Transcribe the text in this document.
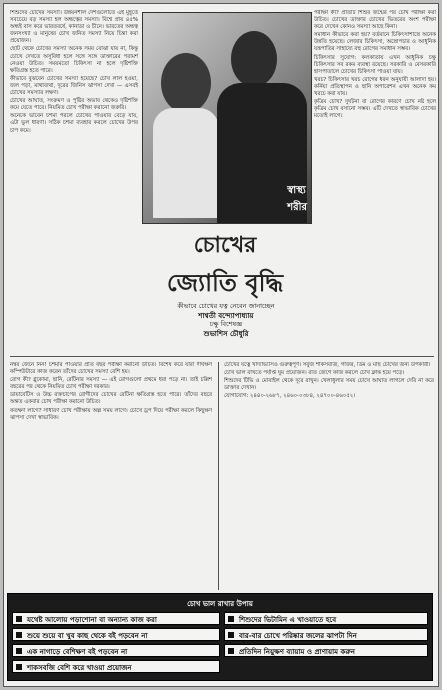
শিশুদের চোখের সমস্যা। উন্নয়নশীল দেশগুলোতে এই মুহূর্তে সবচেয়ে বড় সমস্যা হল অন্ধত্বের সমস্যা। বিশ্বে প্রায় ৪৫% অন্ধই বাস করে ভারতবর্ষে, কানাডা ও চীনে। ভারতের অন্ধত্ব জনসংখ্যা ও মানুষের চোখ জনিত সমস্যা নিয়ে চিন্তা করা প্রয়োজন।

ছোট থেকে চোখের সমস্যা অনেক সময় বোঝা যায় না, কিন্তু চোখে দেখতে অসুবিধা হলে সঙ্গে সঙ্গে ডাক্তারের পরামর্শ নেওয়া উচিত। সময়মতো চিকিৎসা না হলে দৃষ্টিশক্তি ক্ষতিগ্রস্ত হতে পারে।

কীভাবে বুঝবেন চোখের সমস্যা হয়েছে? চোখ লাল হওয়া, জল পড়া, মাথাব্যথা, দূরের জিনিস ঝাপসা দেখা — এসবই চোখের সমস্যার লক্ষণ।

চোখের আঘাত, সংক্রমণ ও পুষ্টির অভাব থেকেও দৃষ্টিশক্তি কমে যেতে পারে। নিয়মিত চোখ পরীক্ষা করানো জরুরি।

অনেকে ভাবেন চশমা পরলে চোখের পাওয়ার বেড়ে যায়, এটা ভুল ধারণা। সঠিক চশমা ব্যবহার করলে চোখের উপর চাপ কমে।

স্বাস্থ্য
শরীর

পরীক্ষা কী? প্রতিটি শিশুর জন্মের পর চোখ পরীক্ষা করা উচিত। চোখের ডাক্তার চোখের ভিতরের অংশ পরীক্ষা করে দেখেন কোনও সমস্যা আছে কিনা।

সমাধান কীভাবে করা হয়? বর্তমানে চিকিৎসাশাস্ত্রে অনেক উন্নতি হয়েছে। লেজার চিকিৎসা, অস্ত্রোপচার ও আধুনিক যন্ত্রপাতির সাহায্যে বহু রোগের সমাধান সম্ভব।

চিকিৎসার সুযোগ: কলকাতায় এখন আধুনিক চক্ষু চিকিৎসার সব রকম ব্যবস্থা রয়েছে। সরকারি ও বেসরকারি হাসপাতালে চোখের চিকিৎসা পাওয়া যায়।

খরচ? চিকিৎসার খরচ রোগের ধরন অনুযায়ী আলাদা হয়। কর্নিয়া প্রতিস্থাপন ও ছানি অপারেশন এখন অনেক কম খরচে করা যায়।

কৃত্রিম চোখ? দুর্ঘটনা বা রোগের কারণে চোখ নষ্ট হলে কৃত্রিম চোখ বসানো সম্ভব। এটি দেখতে স্বাভাবিক চোখের মতোই লাগে।

চোখের
জ্যোতি বৃদ্ধি
কীভাবে চোখের যত্ন নেবেন জানাচ্ছেন
শাশ্বতী বন্দ্যোপাধ্যায়
চক্ষু বিশেষজ্ঞ
শুভাশিস চৌধুরি

নম্বর জেনে নিন! চশমার পাওয়ার প্রতি বছর পরীক্ষা করানো উচিত। বিশেষ করে যাঁরা দীর্ঘক্ষণ কম্পিউটারে কাজ করেন তাঁদের চোখের সমস্যা বেশি হয়।

রোগ কী? গ্লুকোমা, ছানি, রেটিনার সমস্যা — এই রোগগুলো প্রথমে ধরা পড়ে না। তাই চল্লিশ বছরের পর থেকে নিয়মিত চোখ পরীক্ষা দরকার।

ডায়াবেটিস ও উচ্চ রক্তচাপের রোগীদের চোখের রেটিনা ক্ষতিগ্রস্ত হতে পারে। তাঁদের বছরে অন্তত একবার চোখ পরীক্ষা করানো উচিত।

কতক্ষণ লাগে? সাধারণ চোখ পরীক্ষায় অল্প সময় লাগে। চোখে ড্রপ দিয়ে পরীক্ষা করলে কিছুক্ষণ ঝাপসা দেখা স্বাভাবিক।

চোখের যত্নে খাদ্যাভ্যাসও গুরুত্বপূর্ণ। সবুজ শাকসবজি, গাজর, ডিম ও মাছ চোখের জন্য উপকারী।

চোখ ভাল রাখতে পর্যাপ্ত ঘুম প্রয়োজন। রাত জেগে কাজ করলে চোখ ক্লান্ত হয়ে পড়ে।

শিশুদের টিভি ও মোবাইল থেকে দূরে রাখুন। খেলাধুলার সময় চোখে আঘাত লাগলে দেরি না করে ডাক্তার দেখান।

যোগাযোগ: ২৪৪০-২৬৮৭, ২৪৬০-০৩৮৪, ২৪৭০০-৪৬০৫২।

চোখ ভাল রাখার উপায়
যথেষ্ট আলোয় পড়াশোনা বা অন্যান্য কাজ করা	শিশুদের ভিটামিন এ খাওয়াতে হবে
শুয়ে শুয়ে বা খুব কাছ থেকে বই পড়বেন না	বার-বার চোখে পরিষ্কার জলের ঝাপটা দিন
এক নাগাড়ে বেশিক্ষণ বই পড়বেন না	প্রতিদিন নিয়ুক্ষণ ব্যায়াম ও প্রাণায়াম করুন
শাকসবজি বেশি করে খাওয়া প্রয়োজন
